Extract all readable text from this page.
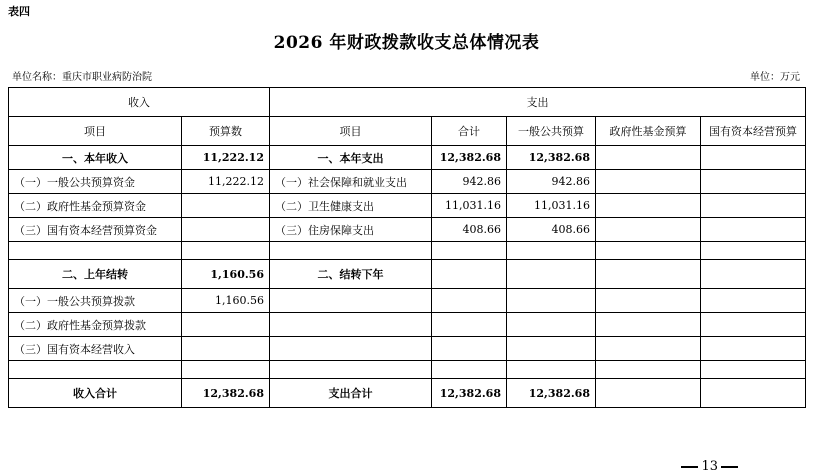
表四
2026 年财政拨款收支总体情况表
单位名称：重庆市职业病防治院	单位：万元
收入		支出				
项目	预算数	项目	合计	一般公共预算	政府性基金预算	国有资本经营预算
一、本年收入	11,222.12	一、本年支出	12,382.68	12,382.68		
（一）一般公共预算资金	11,222.12	（一）社会保障和就业支出	942.86	942.86		
（二）政府性基金预算资金		（二）卫生健康支出	11,031.16	11,031.16		
（三）国有资本经营预算资金		（三）住房保障支出	408.66	408.66		

二、上年结转	1,160.56	二、结转下年				
（一）一般公共预算拨款	1,160.56					
（二）政府性基金预算拨款						
（三）国有资本经营收入						

收入合计	12,382.68	支出合计	12,382.68	12,382.68		
13
